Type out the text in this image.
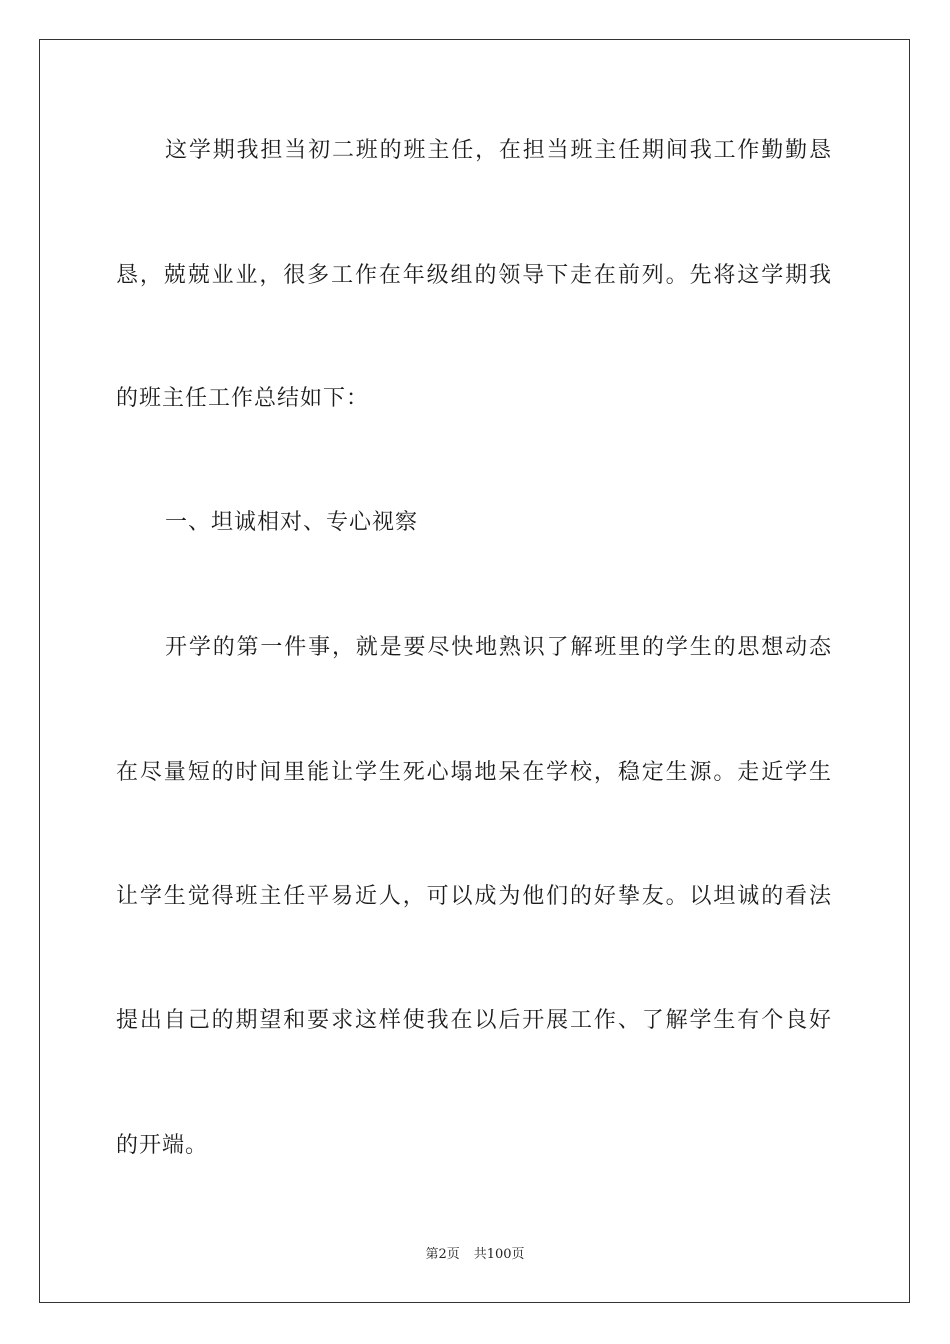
这学期我担当初二班的班主任，在担当班主任期间我工作勤勤恳
恳，兢兢业业，很多工作在年级组的领导下走在前列。先将这学期我
的班主任工作总结如下：
一、坦诚相对、专心视察
开学的第一件事，就是要尽快地熟识了解班里的学生的思想动态
在尽量短的时间里能让学生死心塌地呆在学校，稳定生源。走近学生
让学生觉得班主任平易近人，可以成为他们的好挚友。以坦诚的看法
提出自己的期望和要求这样使我在以后开展工作、了解学生有个良好
的开端。
第2页 共100页
